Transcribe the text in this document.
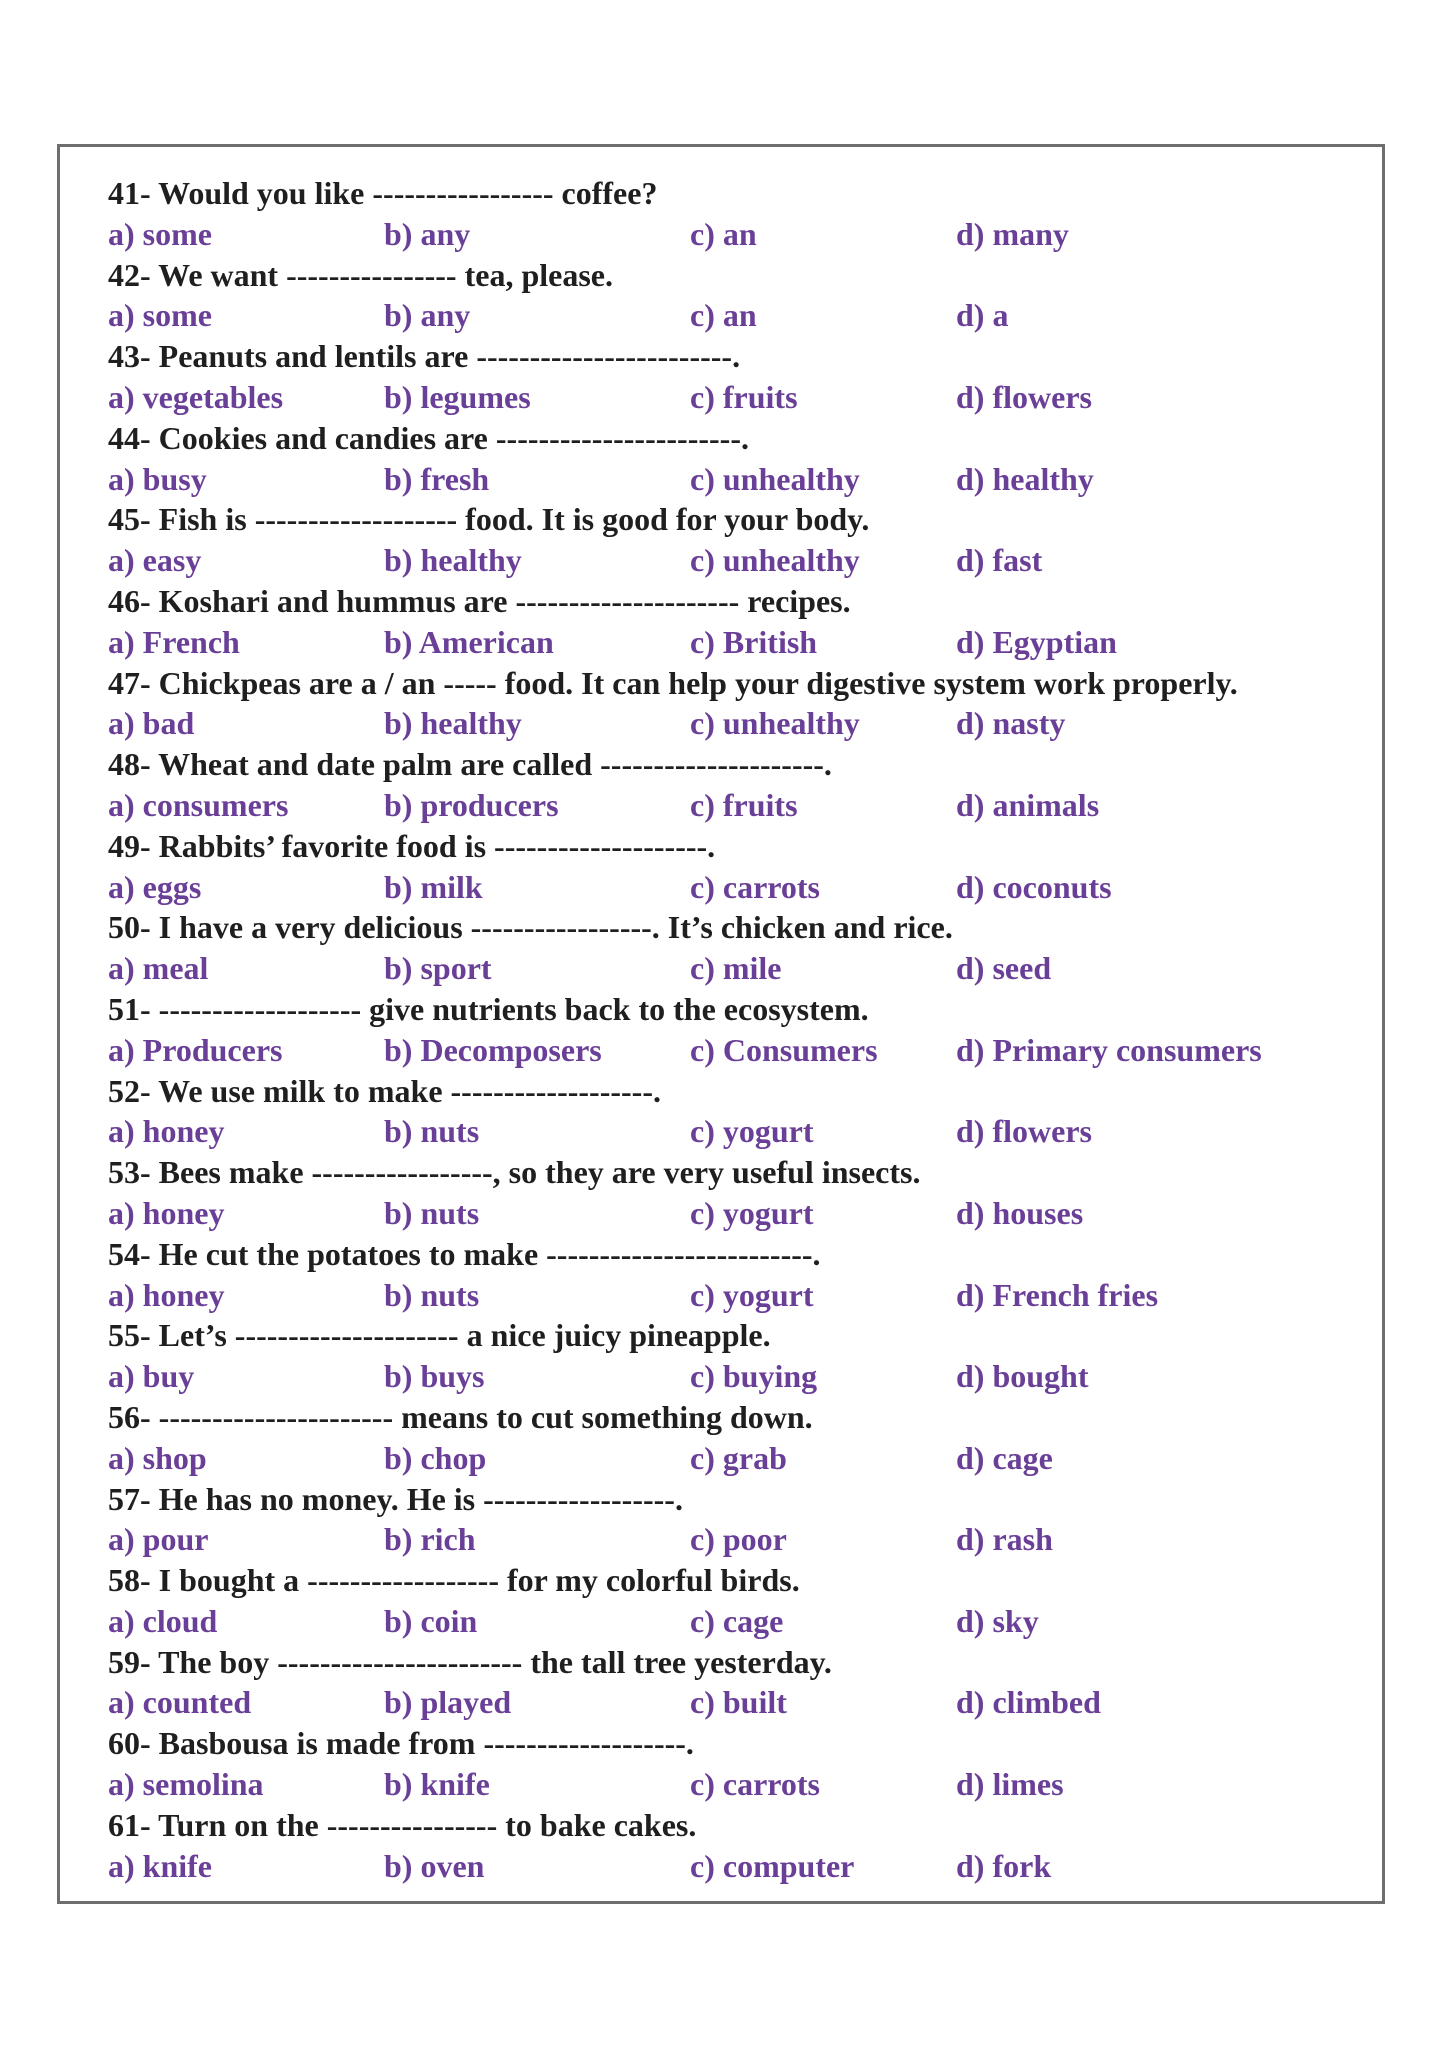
41- Would you like ----------------- coffee?
a) some	b) any	c) an	d) many
42- We want ---------------- tea, please.
a) some	b) any	c) an	d) a
43- Peanuts and lentils are ------------------------.
a) vegetables	b) legumes	c) fruits	d) flowers
44- Cookies and candies are -----------------------.
a) busy	b) fresh	c) unhealthy	d) healthy
45- Fish is ------------------- food. It is good for your body.
a) easy	b) healthy	c) unhealthy	d) fast
46- Koshari and hummus are --------------------- recipes.
a) French	b) American	c) British	d) Egyptian
47- Chickpeas are a / an ----- food. It can help your digestive system work properly.
a) bad	b) healthy	c) unhealthy	d) nasty
48- Wheat and date palm are called ---------------------.
a) consumers	b) producers	c) fruits	d) animals
49- Rabbits’ favorite food is --------------------.
a) eggs	b) milk	c) carrots	d) coconuts
50- I have a very delicious -----------------. It’s chicken and rice.
a) meal	b) sport	c) mile	d) seed
51- ------------------- give nutrients back to the ecosystem.
a) Producers	b) Decomposers	c) Consumers d) Primary consumers
52- We use milk to make -------------------.
a) honey	b) nuts	c) yogurt	d) flowers
53- Bees make -----------------, so they are very useful insects.
a) honey	b) nuts	c) yogurt	d) houses
54- He cut the potatoes to make -------------------------.
a) honey	b) nuts	c) yogurt	d) French fries
55- Let’s --------------------- a nice juicy pineapple.
a) buy	b) buys	c) buying	d) bought
56- ---------------------- means to cut something down.
a) shop	b) chop	c) grab	d) cage
57- He has no money. He is ------------------.
a) pour	b) rich	c) poor	d) rash
58- I bought a ------------------ for my colorful birds.
a) cloud	b) coin	c) cage	d) sky
59- The boy ----------------------- the tall tree yesterday.
a) counted	b) played	c) built	d) climbed
60- Basbousa is made from -------------------.
a) semolina	b) knife	c) carrots	d) limes
61- Turn on the ---------------- to bake cakes.
a) knife	b) oven	c) computer	d) fork
